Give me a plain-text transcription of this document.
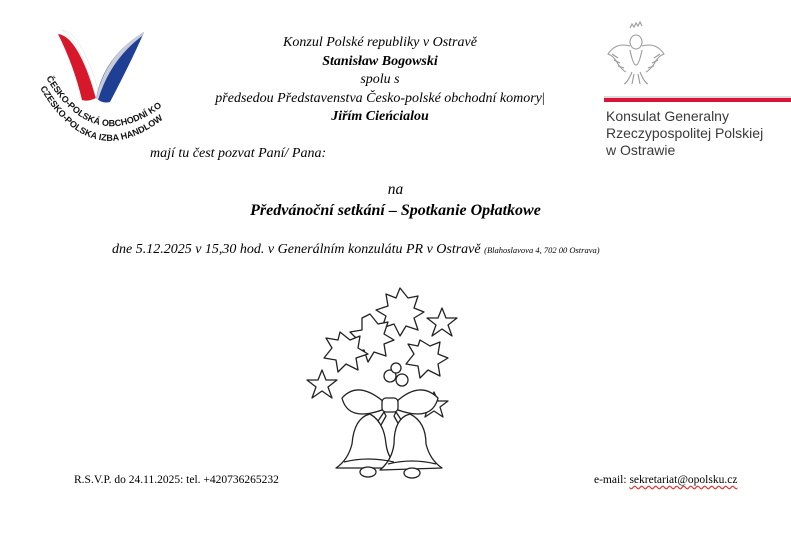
ČESKO-POLSKÁ OBCHODNÍ KO
CZESKO-POLSKA IZBA HANDLOW
Konzul Polské republiky v Ostravě
Stanisław Bogowski
spolu s
předsedou Představenstva Česko-polské obchodní komory|
Jiřím Cieńcialou	Konsulat Generalny
Rzeczypospolitej Polskiej
w Ostrawie
mají tu čest pozvat Paní/ Pana:
na
Předvánoční setkání – Spotkanie Opłatkowe
dne 5.12.2025 v 15,30 hod. v Generálním konzulátu PR v Ostravě (Blahoslavova 4, 702 00 Ostrava)
R.S.V.P. do 24.11.2025: tel. +420736265232	e-mail: sekretariat@opolsku.cz
